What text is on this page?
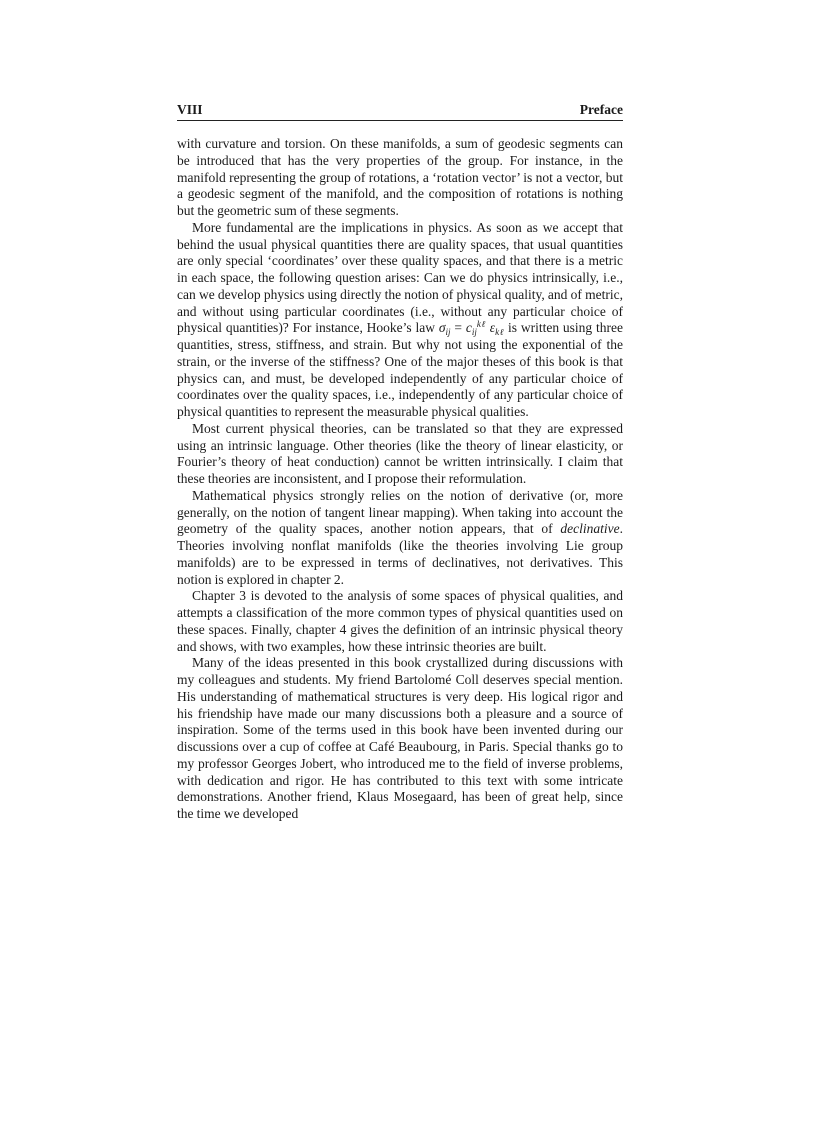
VIII	Preface

with curvature and torsion. On these manifolds, a sum of geodesic segments can be introduced that has the very properties of the group. For instance, in the manifold representing the group of rotations, a ‘rotation vector’ is not a vector, but a geodesic segment of the manifold, and the composition of rotations is nothing but the geometric sum of these segments.

More fundamental are the implications in physics. As soon as we accept that behind the usual physical quantities there are quality spaces, that usual quantities are only special ‘coordinates’ over these quality spaces, and that there is a metric in each space, the following question arises: Can we do physics intrinsically, i.e., can we develop physics using directly the notion of physical quality, and of metric, and without using particular coordinates (i.e., without any particular choice of physical quantities)? For instance, Hooke’s law $\sigma_{ij} = c_{ij}^{k\ell}$ $\varepsilon_{k\ell}$ is written using three quantities, stress, stiffness, and strain. But why not using the exponential of the strain, or the inverse of the stiffness? One of the major theses of this book is that physics can, and must, be developed independently of any particular choice of coordinates over the quality spaces, i.e., independently of any particular choice of physical quantities to represent the measurable physical qualities.

Most current physical theories, can be translated so that they are expressed using an intrinsic language. Other theories (like the theory of linear elasticity, or Fourier’s theory of heat conduction) cannot be written intrinsically. I claim that these theories are inconsistent, and I propose their reformulation.

Mathematical physics strongly relies on the notion of derivative (or, more generally, on the notion of tangent linear mapping). When taking into account the geometry of the quality spaces, another notion appears, that of declinative. Theories involving nonflat manifolds (like the theories involving Lie group manifolds) are to be expressed in terms of declinatives, not derivatives. This notion is explored in chapter 2.

Chapter 3 is devoted to the analysis of some spaces of physical qualities, and attempts a classification of the more common types of physical quantities used on these spaces. Finally, chapter 4 gives the definition of an intrinsic physical theory and shows, with two examples, how these intrinsic theories are built.

Many of the ideas presented in this book crystallized during discussions with my colleagues and students. My friend Bartolomé Coll deserves special mention. His understanding of mathematical structures is very deep. His logical rigor and his friendship have made our many discussions both a pleasure and a source of inspiration. Some of the terms used in this book have been invented during our discussions over a cup of coffee at Café Beaubourg, in Paris. Special thanks go to my professor Georges Jobert, who introduced me to the field of inverse problems, with dedication and rigor. He has contributed to this text with some intricate demonstrations. Another friend, Klaus Mosegaard, has been of great help, since the time we developed
